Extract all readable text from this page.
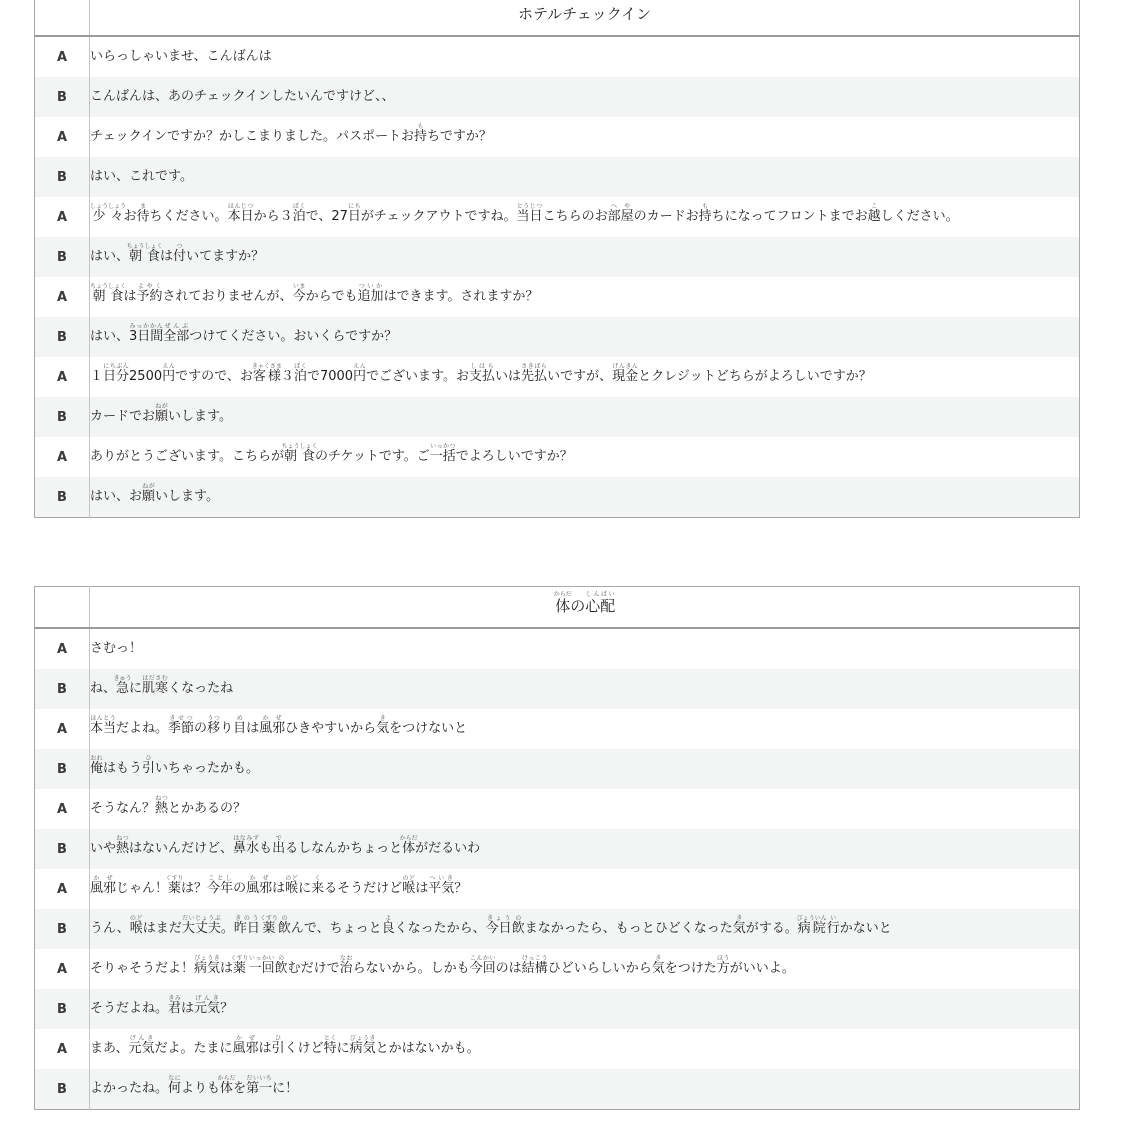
	ホテルチェックイン
A	いらっしゃいませ、こんばんは
B	こんばんは、あのチェックインしたいんですけど、、
A	チェックインですか？かしこまりました。パスポートお持もちですか？
B	はい、これです。
A	少々しょうしょうお待まちください。本日ほんじつから３泊ぱくで、27日にちがチェックアウトですね。当日とうじつこちらのお部屋へやのカードお持もちになってフロントまでお越こしください。
B	はい、朝食ちょうしょくは付ついてますか？
A	朝食ちょうしょくは予約よやくされておりませんが、今いまからでも追加ついかはできます。されますか？
B	はい、3日間みっかかん全部ぜんぶつけてください。おいくらですか？
A	１日分にちぶん2500円えんですので、お客様きゃくさま３泊ぱくで7000円えんでございます。お支払しはらいは先払さきばらいですが、現金げんきんとクレジットどちらがよろしいですか？
B	カードでお願ねがいします。
A	ありがとうございます。こちらが朝食ちょうしょくのチケットです。ご一括いっかつでよろしいですか？
B	はい、お願ねがいします。
	体からだの心配しんぱい
A	さむっ！
B	ね、急きゅうに肌寒はださむくなったね
A	本当ほんとうだよね。季節きせつの移うつり目めは風邪かぜひきやすいから気きをつけないと
B	俺おれはもう引ひいちゃったかも。
A	そうなん？熱ねつとかあるの？
B	いや熱ねつはないんだけど、鼻水はなみずも出でるしなんかちょっと体からだがだるいわ
A	風邪かぜじゃん！薬くすりは？今年ことしの風邪かぜは喉のどに来くるそうだけど喉のどは平気へいき？
B	うん、喉のどはまだ大丈夫だいじょうぶ。昨日きのう薬くすり飲のんで、ちょっと良よくなったから、今日きょう飲のまなかったら、もっとひどくなった気きがする。病院びょういん行いかないと
A	そりゃそうだよ！病気びょうきは薬くすり一回いっかい飲のむだけで治なおらないから。しかも今回こんかいのは結構けっこうひどいらしいから気きをつけた方ほうがいいよ。
B	そうだよね。君きみは元気げんき？
A	まあ、元気げんきだよ。たまに風邪かぜは引ひくけど特とくに病気びょうきとかはないかも。
B	よかったね。何なによりも体からだを第一だいいちに！
